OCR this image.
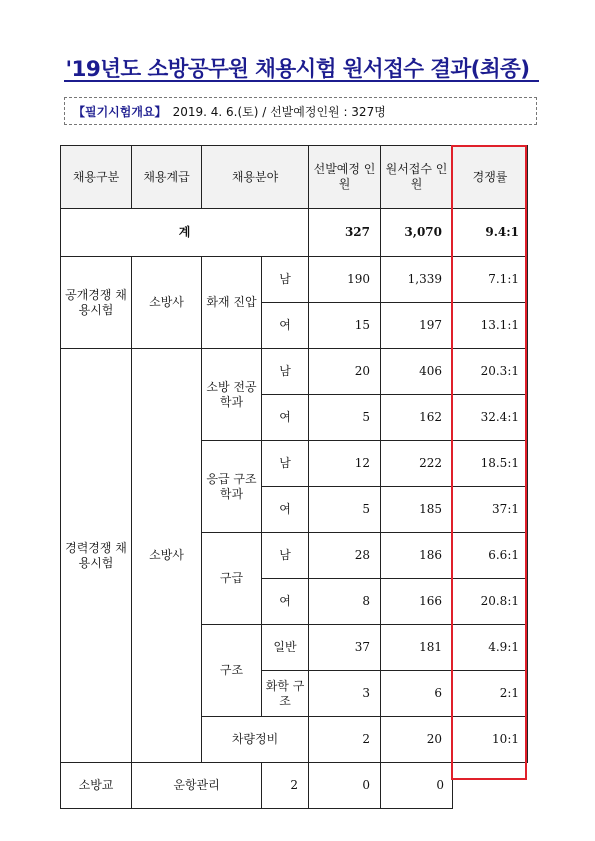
'19년도 소방공무원 채용시험 원서접수 결과(최종)
【필기시험개요】 2019. 4. 6.(토) / 선발예정인원 : 327명
채용구분	채용계급	채용분야		선발예정 인 원	원서접수 인 원	경쟁률
계				327	3,070	9.4:1
공개경쟁 채용시험	소방사	화재 진압	남	190	1,339	7.1:1
			여	15	197	13.1:1
경력경쟁 채용시험	소방사	소방 전공 학과	남	20	406	20.3:1
			여	5	162	32.4:1
		응급 구조 학과	남	12	222	18.5:1
			여	5	185	37:1
		구급	남	28	186	6.6:1
			여	8	166	20.8:1
		구조	일반	37	181	4.9:1
			화학 구조	3	6	2:1
		차량정비		2	20	10:1
소방교	운항관리		2	0	0	
